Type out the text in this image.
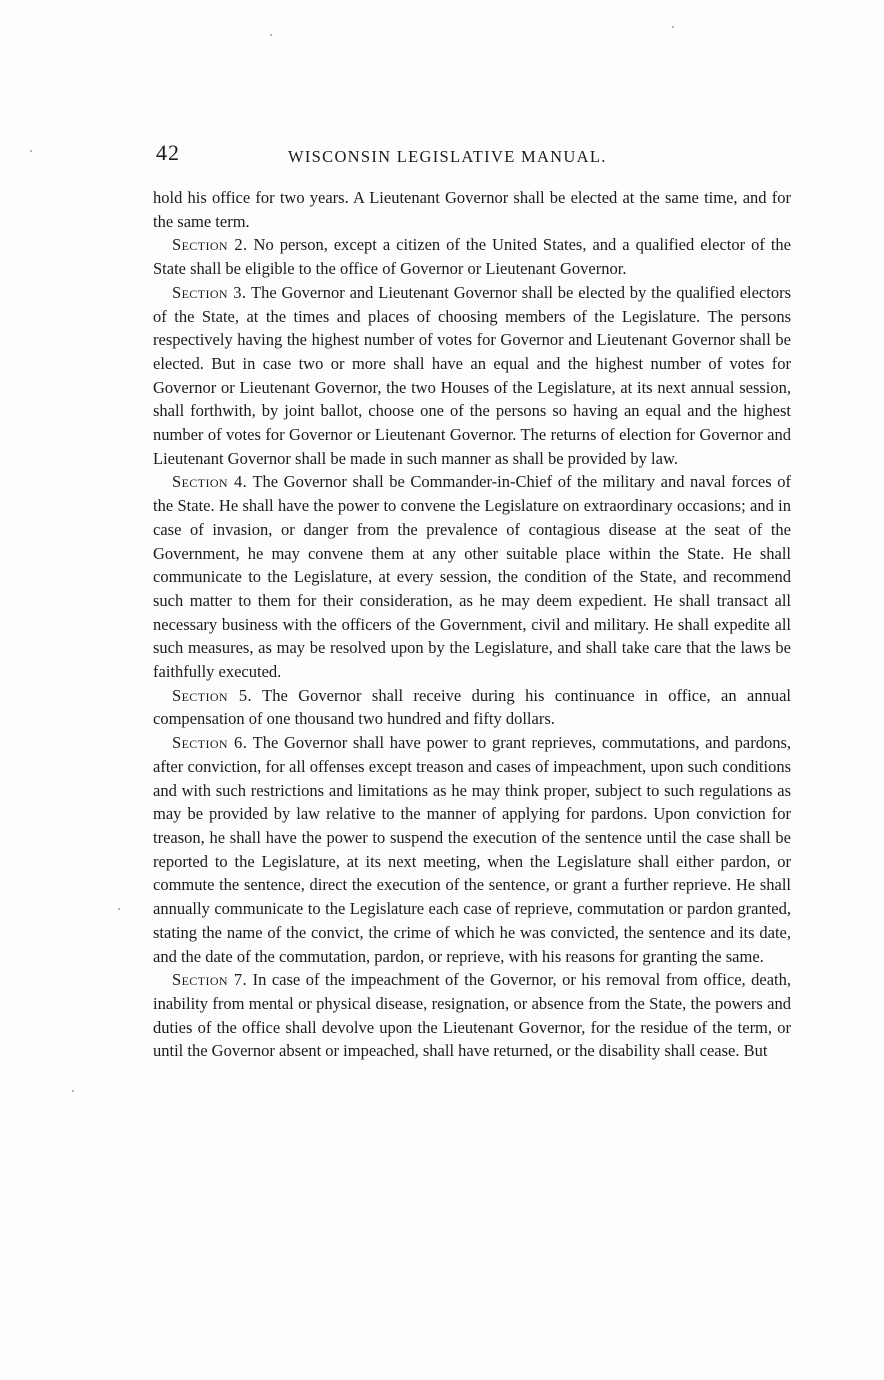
42	WISCONSIN LEGISLATIVE MANUAL.

hold his office for two years. A Lieutenant Governor shall be elected at the same time, and for the same term.

Section 2. No person, except a citizen of the United States, and a qualified elector of the State shall be eligible to the office of Governor or Lieutenant Governor.

Section 3. The Governor and Lieutenant Governor shall be elected by the qualified electors of the State, at the times and places of choosing members of the Legislature. The persons respectively having the highest number of votes for Governor and Lieutenant Governor shall be elected. But in case two or more shall have an equal and the highest number of votes for Governor or Lieutenant Governor, the two Houses of the Legislature, at its next annual session, shall forthwith, by joint ballot, choose one of the persons so having an equal and the highest number of votes for Governor or Lieutenant Governor. The returns of election for Governor and Lieutenant Governor shall be made in such manner as shall be provided by law.

Section 4. The Governor shall be Commander-in-Chief of the military and naval forces of the State. He shall have the power to convene the Legislature on extraordinary occasions; and in case of invasion, or danger from the prevalence of contagious disease at the seat of the Government, he may convene them at any other suitable place within the State. He shall communicate to the Legislature, at every session, the condition of the State, and recommend such matter to them for their consideration, as he may deem expedient. He shall transact all necessary business with the officers of the Government, civil and military. He shall expedite all such measures, as may be resolved upon by the Legislature, and shall take care that the laws be faithfully executed.

Section 5. The Governor shall receive during his continuance in office, an annual compensation of one thousand two hundred and fifty dollars.

Section 6. The Governor shall have power to grant reprieves, commutations, and pardons, after conviction, for all offenses except treason and cases of impeachment, upon such conditions and with such restrictions and limitations as he may think proper, subject to such regulations as may be provided by law relative to the manner of applying for pardons. Upon conviction for treason, he shall have the power to suspend the execution of the sentence until the case shall be reported to the Legislature, at its next meeting, when the Legislature shall either pardon, or commute the sentence, direct the execution of the sentence, or grant a further reprieve. He shall annually communicate to the Legislature each case of reprieve, commutation or pardon granted, stating the name of the convict, the crime of which he was convicted, the sentence and its date, and the date of the commutation, pardon, or reprieve, with his reasons for granting the same.

Section 7. In case of the impeachment of the Governor, or his removal from office, death, inability from mental or physical disease, resignation, or absence from the State, the powers and duties of the office shall devolve upon the Lieutenant Governor, for the residue of the term, or until the Governor absent or impeached, shall have returned, or the disability shall cease. But
